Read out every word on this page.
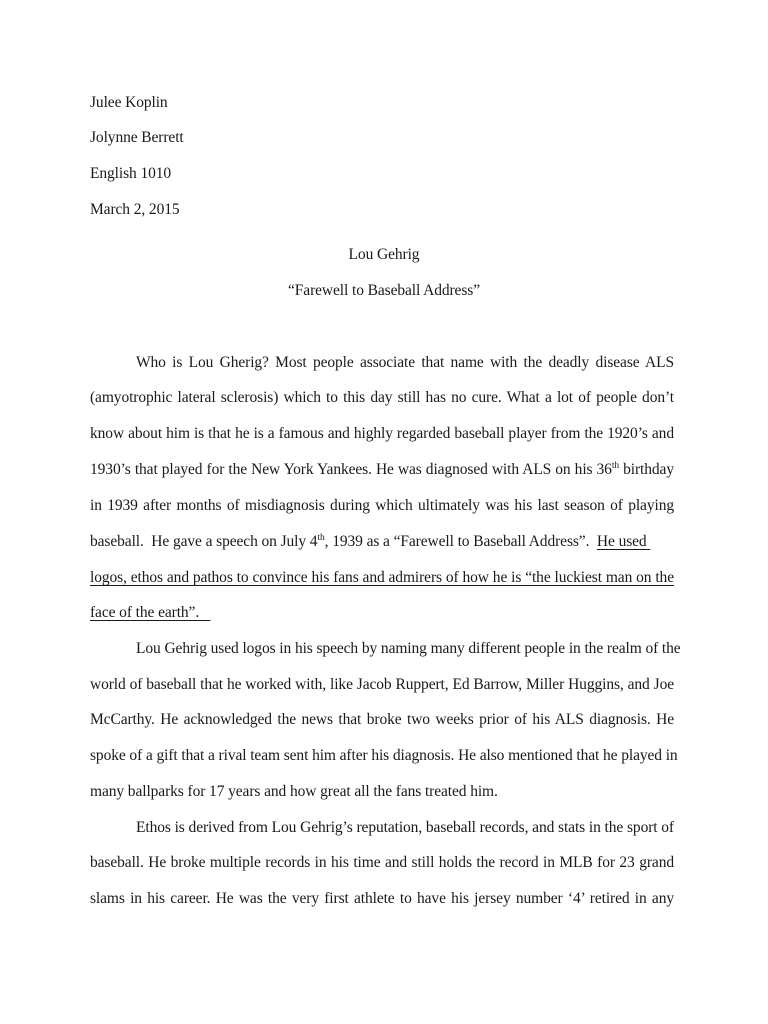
Julee Koplin
Jolynne Berrett
English 1010
March 2, 2015
Lou Gehrig
“Farewell to Baseball Address”
Who is Lou Gherig? Most people associate that name with the deadly disease ALS
(amyotrophic lateral sclerosis) which to this day still has no cure. What a lot of people don’t
know about him is that he is a famous and highly regarded baseball player from the 1920’s and
1930’s that played for the New York Yankees. He was diagnosed with ALS on his 36th birthday
in 1939 after months of misdiagnosis during which ultimately was his last season of playing
baseball.  He gave a speech on July 4th, 1939 as a “Farewell to Baseball Address”.  He used
logos, ethos and pathos to convince his fans and admirers of how he is “the luckiest man on the
face of the earth”.
Lou Gehrig used logos in his speech by naming many different people in the realm of the
world of baseball that he worked with, like Jacob Ruppert, Ed Barrow, Miller Huggins, and Joe
McCarthy. He acknowledged the news that broke two weeks prior of his ALS diagnosis. He
spoke of a gift that a rival team sent him after his diagnosis. He also mentioned that he played in
many ballparks for 17 years and how great all the fans treated him.
Ethos is derived from Lou Gehrig’s reputation, baseball records, and stats in the sport of
baseball. He broke multiple records in his time and still holds the record in MLB for 23 grand
slams in his career. He was the very first athlete to have his jersey number ‘4’ retired in any
